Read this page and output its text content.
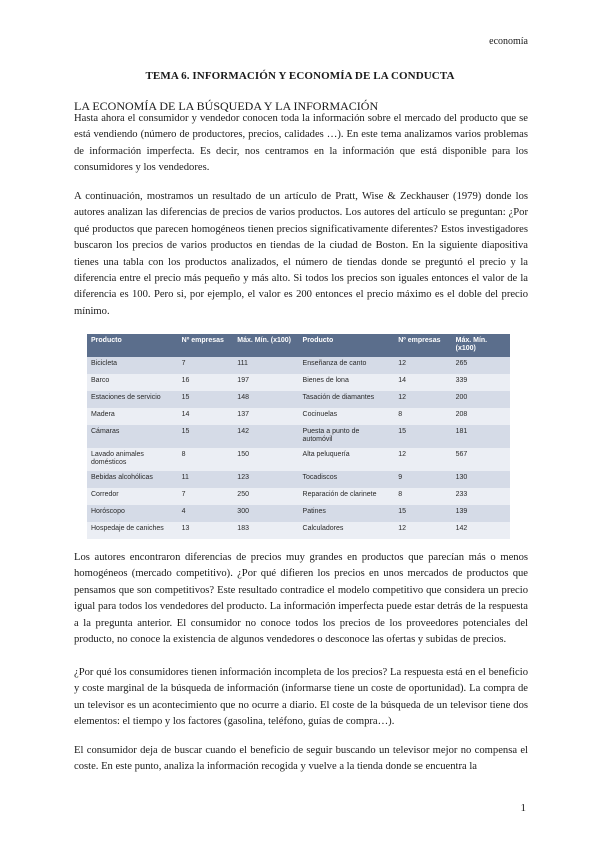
economía
TEMA 6. INFORMACIÓN Y ECONOMÍA DE LA CONDUCTA
LA ECONOMÍA DE LA BÚSQUEDA Y LA INFORMACIÓN

Hasta ahora el consumidor y vendedor conocen toda la información sobre el mercado del producto que se está vendiendo (número de productores, precios, calidades …). En este tema analizamos varios problemas de información imperfecta. Es decir, nos centramos en la información que está disponible para los consumidores y los vendedores.

A continuación, mostramos un resultado de un artículo de Pratt, Wise & Zeckhauser (1979) donde los autores analizan las diferencias de precios de varios productos. Los autores del artículo se preguntan: ¿Por qué productos que parecen homogéneos tienen precios significativamente diferentes? Estos investigadores buscaron los precios de varios productos en tiendas de la ciudad de Boston. En la siguiente diapositiva tienes una tabla con los productos analizados, el número de tiendas donde se preguntó el precio y la diferencia entre el precio más pequeño y más alto. Si todos los precios son iguales entonces el valor de la diferencia es 100. Pero si, por ejemplo, el valor es 200 entonces el precio máximo es el doble del precio mínimo.

Producto	Nº empresas	Máx. Mín. (x100)	Producto	Nº empresas	Máx. Mín. (x100)
Bicicleta	7	111	Enseñanza de canto	12	265
Barco	16	197	Bienes de lona	14	339
Estaciones de servicio	15	148	Tasación de diamantes	12	200
Madera	14	137	Cocinuelas	8	208
Cámaras	15	142	Puesta a punto de automóvil	15	181
Lavado animales domésticos	8	150	Alta peluquería	12	567
Bebidas alcohólicas	11	123	Tocadiscos	9	130
Corredor	7	250	Reparación de clarinete	8	233
Horóscopo	4	300	Patines	15	139
Hospedaje de caniches	13	183	Calculadores	12	142

Los autores encontraron diferencias de precios muy grandes en productos que parecían más o menos homogéneos (mercado competitivo). ¿Por qué difieren los precios en unos mercados de productos que pensamos que son competitivos? Este resultado contradice el modelo competitivo que considera un precio igual para todos los vendedores del producto. La información imperfecta puede estar detrás de la respuesta a la pregunta anterior. El consumidor no conoce todos los precios de los proveedores potenciales del producto, no conoce la existencia de algunos vendedores o desconoce las ofertas y subidas de precios.

¿Por qué los consumidores tienen información incompleta de los precios? La respuesta está en el beneficio y coste marginal de la búsqueda de información (informarse tiene un coste de oportunidad). La compra de un televisor es un acontecimiento que no ocurre a diario. El coste de la búsqueda de un televisor tiene dos elementos: el tiempo y los factores (gasolina, teléfono, guías de compra…).

El consumidor deja de buscar cuando el beneficio de seguir buscando un televisor mejor no compensa el coste. En este punto, analiza la información recogida y vuelve a la tienda donde se encuentra la

1
